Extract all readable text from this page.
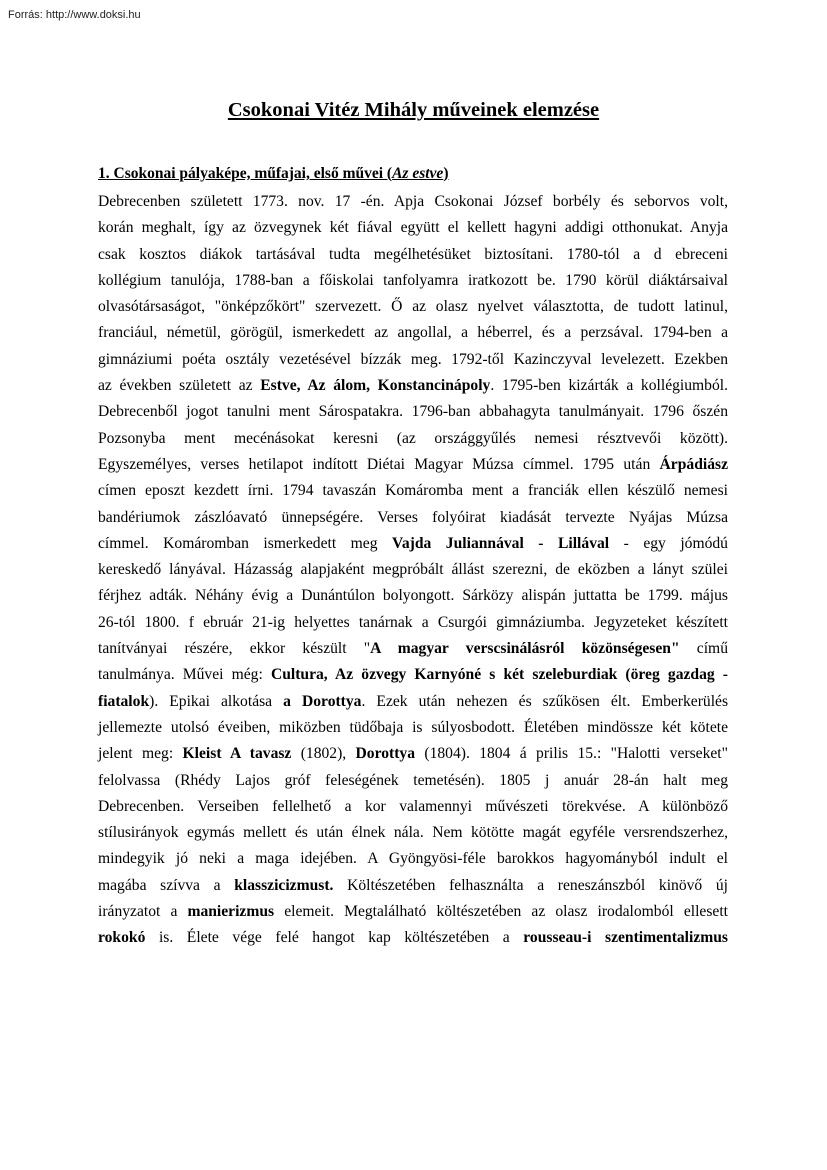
Forrás: http://www.doksi.hu
Csokonai Vitéz Mihály műveinek elemzése
1. Csokonai pályaképe, műfajai, első művei (Az estve)
Debrecenben született 1773. nov. 17 -én. Apja Csokonai József borbély és seborvos volt,
korán meghalt, így az özvegynek két fiával együtt el kellett hagyni addigi otthonukat. Anyja
csak kosztos diákok tartásával tudta megélhetésüket biztosítani. 1780-tól a d ebreceni
kollégium tanulója, 1788-ban a főiskolai tanfolyamra iratkozott be. 1790 körül diáktársaival
olvasótársaságot, "önképzőkört" szervezett. Ő az olasz nyelvet választotta, de tudott latinul,
franciául, németül, görögül, ismerkedett az angollal, a héberrel, és a perzsával. 1794-ben a
gimnáziumi poéta osztály vezetésével bízzák meg. 1792-től Kazinczyval levelezett. Ezekben
az években született az Estve, Az álom, Konstancinápoly. 1795-ben kizárták a kollégiumból.
Debrecenből jogot tanulni ment Sárospatakra. 1796-ban abbahagyta tanulmányait. 1796 őszén
Pozsonyba ment mecénásokat keresni (az országgyűlés nemesi résztvevői között).
Egyszemélyes, verses hetilapot indított Diétai Magyar Múzsa címmel. 1795 után Árpádiász
címen eposzt kezdett írni. 1794 tavaszán Komáromba ment a franciák ellen készülő nemesi
bandériumok zászlóavató ünnepségére. Verses folyóirat kiadását tervezte Nyájas Múzsa
címmel. Komáromban ismerkedett meg Vajda Juliannával - Lillával - egy jómódú
kereskedő lányával. Házasság alapjaként megpróbált állást szerezni, de eközben a lányt szülei
férjhez adták. Néhány évig a Dunántúlon bolyongott. Sárközy alispán juttatta be 1799. május
26-tól 1800. f ebruár 21-ig helyettes tanárnak a Csurgói gimnáziumba. Jegyzeteket készített
tanítványai részére, ekkor készült "A magyar verscsinálásról közönségesen" című
tanulmánya. Művei még: Cultura, Az özvegy Karnyóné s két szeleburdiak (öreg gazdag -
fiatalok). Epikai alkotása a Dorottya. Ezek után nehezen és szűkösen élt. Emberkerülés
jellemezte utolsó éveiben, miközben tüdőbaja is súlyosbodott. Életében mindössze két kötete
jelent meg: Kleist A tavasz (1802), Dorottya (1804). 1804 á prilis 15.: "Halotti verseket"
felolvassa (Rhédy Lajos gróf feleségének temetésén). 1805 j anuár 28-án halt meg
Debrecenben. Verseiben fellelhető a kor valamennyi művészeti törekvése. A különböző
stílusirányok egymás mellett és után élnek nála. Nem kötötte magát egyféle versrendszerhez,
mindegyik jó neki a maga idejében. A Gyöngyösi-féle barokkos hagyományból indult el
magába szívva a klasszicizmust. Költészetében felhasználta a reneszánszból kinövő új
irányzatot a manierizmus elemeit. Megtalálható költészetében az olasz irodalomból ellesett
rokokó is. Élete vége felé hangot kap költészetében a rousseau-i szentimentalizmus
